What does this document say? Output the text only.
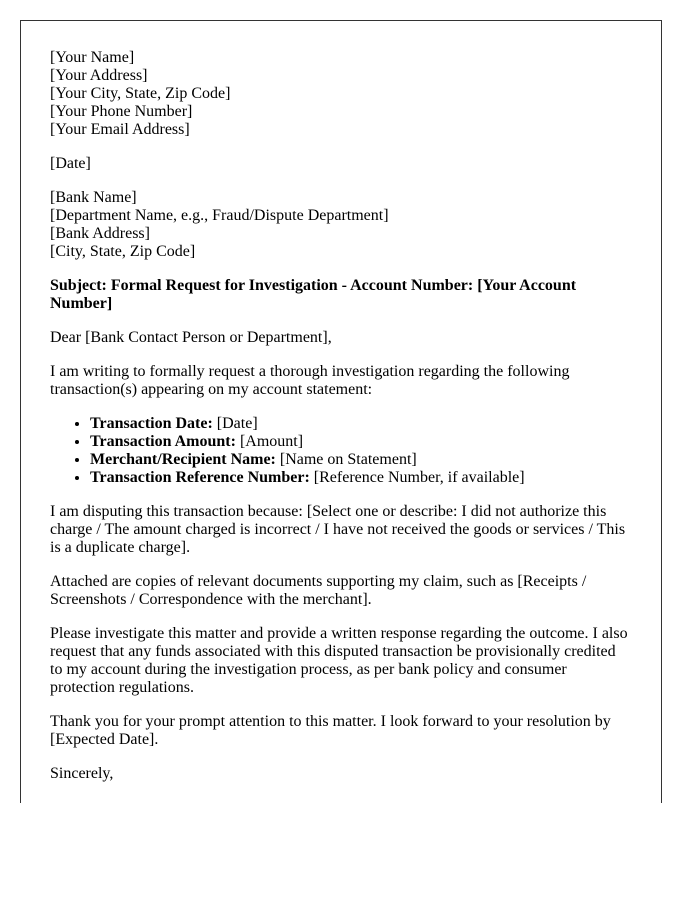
[Your Name]
[Your Address]
[Your City, State, Zip Code]
[Your Phone Number]
[Your Email Address]

[Date]

[Bank Name]
[Department Name, e.g., Fraud/Dispute Department]
[Bank Address]
[City, State, Zip Code]

Subject: Formal Request for Investigation - Account Number: [Your Account Number]

Dear [Bank Contact Person or Department],

I am writing to formally request a thorough investigation regarding the following transaction(s) appearing on my account statement:

• Transaction Date: [Date]
• Transaction Amount: [Amount]
• Merchant/Recipient Name: [Name on Statement]
• Transaction Reference Number: [Reference Number, if available]

I am disputing this transaction because: [Select one or describe: I did not authorize this charge / The amount charged is incorrect / I have not received the goods or services / This is a duplicate charge].

Attached are copies of relevant documents supporting my claim, such as [Receipts / Screenshots / Correspondence with the merchant].

Please investigate this matter and provide a written response regarding the outcome. I also request that any funds associated with this disputed transaction be provisionally credited to my account during the investigation process, as per bank policy and consumer protection regulations.

Thank you for your prompt attention to this matter. I look forward to your resolution by [Expected Date].

Sincerely,
